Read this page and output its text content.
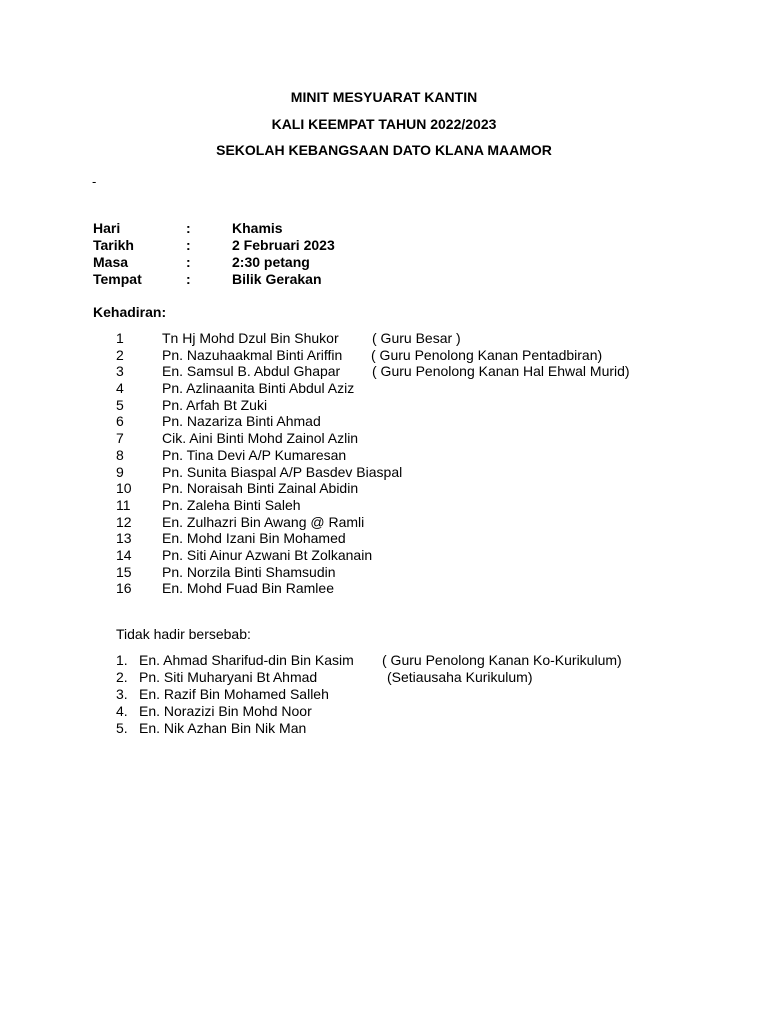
MINIT MESYUARAT KANTIN
KALI KEEMPAT TAHUN 2022/2023
SEKOLAH KEBANGSAAN DATO KLANA MAAMOR
-
Hari	:	Khamis
Tarikh	:	2 Februari 2023
Masa	:	2:30 petang
Tempat	:	Bilik Gerakan
Kehadiran:
1	Tn Hj Mohd Dzul Bin Shukor ( Guru Besar )
2	Pn. Nazuhaakmal Binti Ariffin ( Guru Penolong Kanan Pentadbiran)
3	En. Samsul B. Abdul Ghapar ( Guru Penolong Kanan Hal Ehwal Murid)
4	Pn. Azlinaanita Binti Abdul Aziz
5	Pn. Arfah Bt Zuki
6	Pn. Nazariza Binti Ahmad
7	Cik. Aini Binti Mohd Zainol Azlin
8	Pn. Tina Devi A/P Kumaresan
9	Pn. Sunita Biaspal A/P Basdev Biaspal
10 Pn. Noraisah Binti Zainal Abidin
11 Pn. Zaleha Binti Saleh
12 En. Zulhazri Bin Awang @ Ramli
13 En. Mohd Izani Bin Mohamed
14 Pn. Siti Ainur Azwani Bt Zolkanain
15 Pn. Norzila Binti Shamsudin
16 En. Mohd Fuad Bin Ramlee
Tidak hadir bersebab:
1. En. Ahmad Sharifud-din Bin Kasim ( Guru Penolong Kanan Ko-Kurikulum)
2. Pn. Siti Muharyani Bt Ahmad	(Setiausaha Kurikulum)
3. En. Razif Bin Mohamed Salleh
4. En. Norazizi Bin Mohd Noor
5. En. Nik Azhan Bin Nik Man
